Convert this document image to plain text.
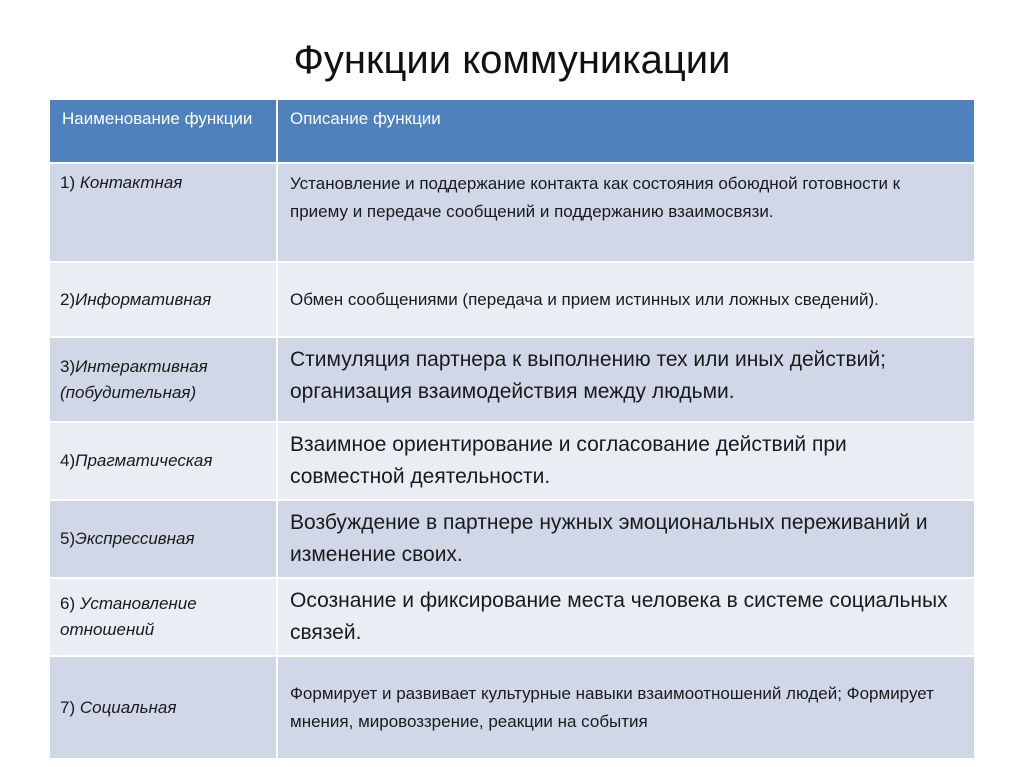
Функции коммуникации
Наименование функции	Описание функции
1) Контактная	Установление и поддержание контакта как состояния обоюдной готовности к приему и передаче сообщений и поддержанию взаимосвязи.
2)Информативная	Обмен сообщениями (передача и прием истинных или ложных сведений).
3)Интерактивная (побудительная)	Стимуляция партнера к выполнению тех или иных действий; организация взаимодействия между людьми.
4)Прагматическая	Взаимное ориентирование и согласование действий при совместной деятельности.
5)Экспрессивная	Возбуждение в партнере нужных эмоциональных переживаний и изменение своих.
6) Установление отношений	Осознание и фиксирование места человека в системе социальных связей.
7) Социальная	Формирует и развивает культурные навыки взаимоотношений людей; Формирует мнения, мировоззрение, реакции на события
